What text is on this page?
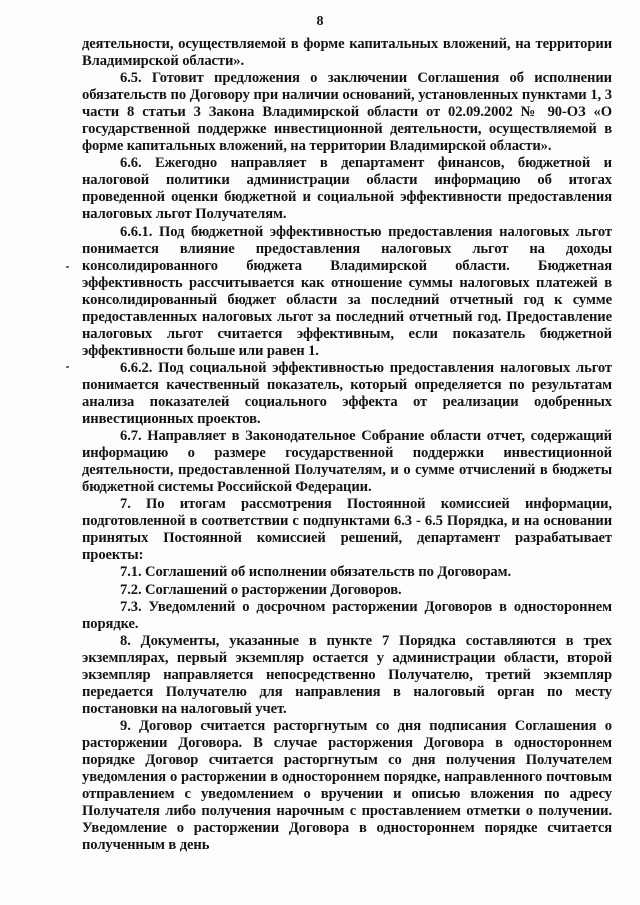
8

деятельности, осуществляемой в форме капитальных вложений, на территории Владимирской области».

6.5. Готовит предложения о заключении Соглашения об исполнении обязательств по Договору при наличии оснований, установленных пунктами 1, 3 части 8 статьи 3 Закона Владимирской области от 02.09.2002 № 90-ОЗ «О государственной поддержке инвестиционной деятельности, осуществляемой в форме капитальных вложений, на территории Владимирской области».

6.6. Ежегодно направляет в департамент финансов, бюджетной и налоговой политики администрации области информацию об итогах проведенной оценки бюджетной и социальной эффективности предоставления налоговых льгот Получателям.

6.6.1. Под бюджетной эффективностью предоставления налоговых льгот понимается влияние предоставления налоговых льгот на доходы консолидированного бюджета Владимирской области. Бюджетная эффективность рассчитывается как отношение суммы налоговых платежей в консолидированный бюджет области за последний отчетный год к сумме предоставленных налоговых льгот за последний отчетный год. Предоставление налоговых льгот считается эффективным, если показатель бюджетной эффективности больше или равен 1.

6.6.2. Под социальной эффективностью предоставления налоговых льгот понимается качественный показатель, который определяется по результатам анализа показателей социального эффекта от реализации одобренных инвестиционных проектов.

6.7. Направляет в Законодательное Собрание области отчет, содержащий информацию о размере государственной поддержки инвестиционной деятельности, предоставленной Получателям, и о сумме отчислений в бюджеты бюджетной системы Российской Федерации.

7. По итогам рассмотрения Постоянной комиссией информации, подготовленной в соответствии с подпунктами 6.3 - 6.5 Порядка, и на основании принятых Постоянной комиссией решений, департамент разрабатывает проекты:

7.1. Соглашений об исполнении обязательств по Договорам.

7.2. Соглашений о расторжении Договоров.

7.3. Уведомлений о досрочном расторжении Договоров в одностороннем порядке.

8. Документы, указанные в пункте 7 Порядка составляются в трех экземплярах, первый экземпляр остается у администрации области, второй экземпляр направляется непосредственно Получателю, третий экземпляр передается Получателю для направления в налоговый орган по месту постановки на налоговый учет.

9. Договор считается расторгнутым со дня подписания Соглашения о расторжении Договора. В случае расторжения Договора в одностороннем порядке Договор считается расторгнутым со дня получения Получателем уведомления о расторжении в одностороннем порядке, направленного почтовым отправлением с уведомлением о вручении и описью вложения по адресу Получателя либо получения нарочным с проставлением отметки о получении. Уведомление о расторжении Договора в одностороннем порядке считается полученным в день
